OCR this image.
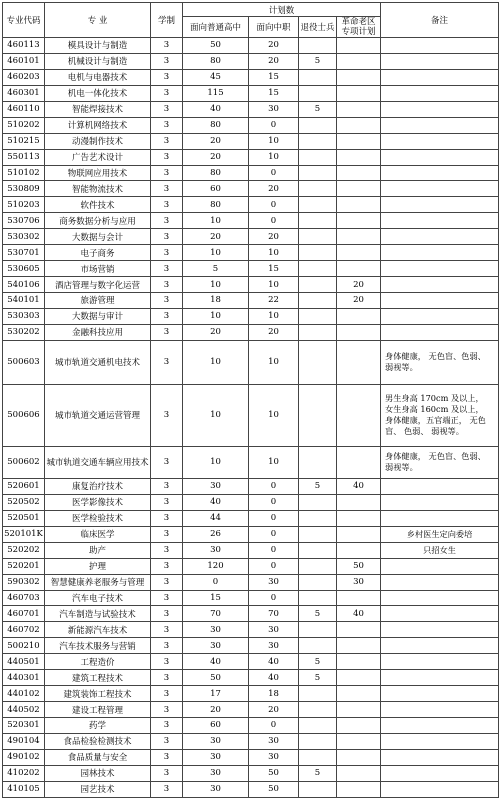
专业代码	专 业	学制	计划数				备注
			面向普通高中	面向中职	退役士兵	革命老区专项计划	
460113	模具设计与制造	3	50	20			
460101	机械设计与制造	3	80	20	5		
460203	电机与电器技术	3	45	15			
460301	机电一体化技术	3	115	15			
460110	智能焊接技术	3	40	30	5		
510202	计算机网络技术	3	80	0			
510215	动漫制作技术	3	20	10			
550113	广告艺术设计	3	20	10			
510102	物联网应用技术	3	80	0			
530809	智能物流技术	3	60	20			
510203	软件技术	3	80	0			
530706	商务数据分析与应用	3	10	0			
530302	大数据与会计	3	20	20			
530701	电子商务	3	10	10			
530605	市场营销	3	5	15			
540106	酒店管理与数字化运营	3	10	10		20	
540101	旅游管理	3	18	22		20	
530303	大数据与审计	3	10	10			
530202	金融科技应用	3	20	20			
500603	城市轨道交通机电技术	3	10	10			身体健康， 无色盲、色弱、弱视等。
500606	城市轨道交通运营管理	3	10	10			男生身高 170cm 及以上， 女生身高 160cm 及以上， 身体健康，五官端正， 无色盲、 色弱、 弱视等。
500602	城市轨道交通车辆应用技术	3	10	10			身体健康， 无色盲、色弱、弱视等。
520601	康复治疗技术	3	30	0	5	40	
520502	医学影像技术	3	40	0			
520501	医学检验技术	3	44	0			
520101K	临床医学	3	26	0			乡村医生定向委培
520202	助产	3	30	0			只招女生
520201	护理	3	120	0		50	
590302	智慧健康养老服务与管理	3	0	30		30	
460703	汽车电子技术	3	15	0			
460701	汽车制造与试验技术	3	70	70	5	40	
460702	新能源汽车技术	3	30	30			
500210	汽车技术服务与营销	3	30	30			
440501	工程造价	3	40	40	5		
440301	建筑工程技术	3	50	40	5		
440102	建筑装饰工程技术	3	17	18			
440502	建设工程管理	3	20	20			
520301	药学	3	60	0			
490104	食品检验检测技术	3	30	30			
490102	食品质量与安全	3	30	30			
410202	园林技术	3	30	50	5		
410105	园艺技术	3	30	50			
